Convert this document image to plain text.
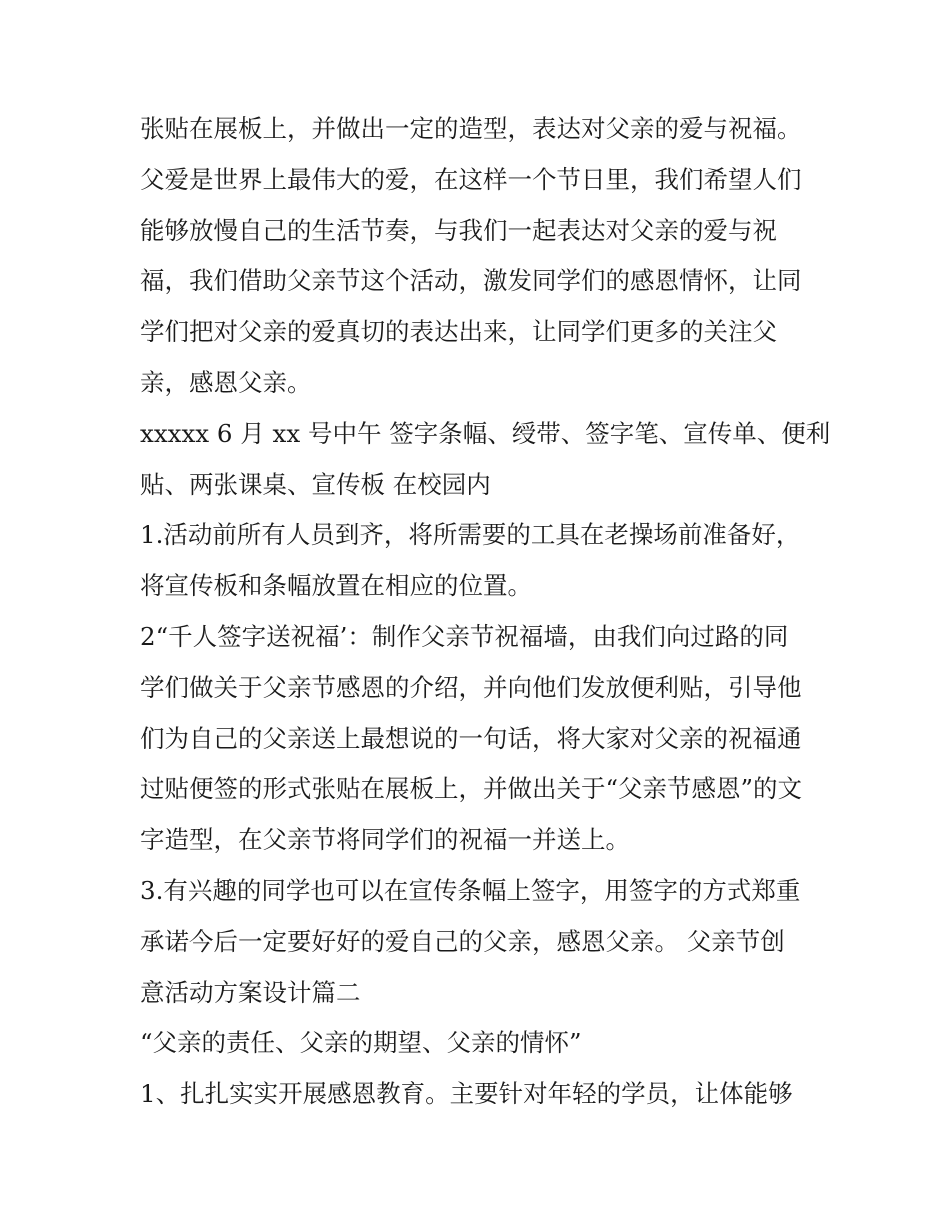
张贴在展板上，并做出一定的造型，表达对父亲的爱与祝福。
父爱是世界上最伟大的爱，在这样一个节日里，我们希望人们
能够放慢自己的生活节奏，与我们一起表达对父亲的爱与祝
福，我们借助父亲节这个活动，激发同学们的感恩情怀，让同
学们把对父亲的爱真切的表达出来，让同学们更多的关注父
亲，感恩父亲。
xxxxx 6 月 xx 号中午 签字条幅、绶带、签字笔、宣传单、便利
贴、两张课桌、宣传板 在校园内
1.活动前所有人员到齐，将所需要的工具在老操场前准备好，
将宣传板和条幅放置在相应的位置。
2“千人签字送祝福’：制作父亲节祝福墙，由我们向过路的同
学们做关于父亲节感恩的介绍，并向他们发放便利贴，引导他
们为自己的父亲送上最想说的一句话，将大家对父亲的祝福通
过贴便签的形式张贴在展板上，并做出关于“父亲节感恩”的文
字造型，在父亲节将同学们的祝福一并送上。
3.有兴趣的同学也可以在宣传条幅上签字，用签字的方式郑重
承诺今后一定要好好的爱自己的父亲，感恩父亲。 父亲节创
意活动方案设计篇二
“父亲的责任、父亲的期望、父亲的情怀”
1、扎扎实实开展感恩教育。主要针对年轻的学员，让体能够
